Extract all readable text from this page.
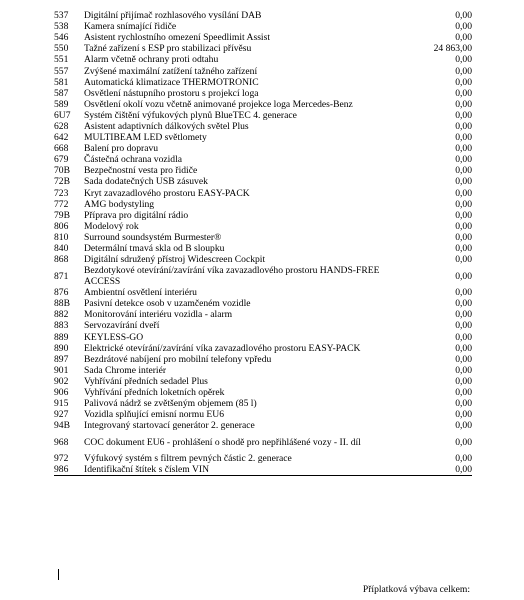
537	Digitální přijímač rozhlasového vysílání DAB	0,00
538	Kamera snímající řidiče	0,00
546	Asistent rychlostního omezení Speedlimit Assist	0,00
550	Tažné zařízení s ESP pro stabilizaci přívěsu	24 863,00
551	Alarm včetně ochrany proti odtahu	0,00
557	Zvýšené maximální zatížení tažného zařízení	0,00
581	Automatická klimatizace THERMOTRONIC	0,00
587	Osvětlení nástupního prostoru s projekcí loga	0,00
589	Osvětlení okolí vozu včetně animované projekce loga Mercedes-Benz	0,00
6U7	Systém čištění výfukových plynů BlueTEC 4. generace	0,00
628	Asistent adaptivních dálkových světel Plus	0,00
642	MULTIBEAM LED světlomety	0,00
668	Balení pro dopravu	0,00
679	Částečná ochrana vozidla	0,00
70B	Bezpečnostní vesta pro řidiče	0,00
72B	Sada dodatečných USB zásuvek	0,00
723	Kryt zavazadlového prostoru EASY-PACK	0,00
772	AMG bodystyling	0,00
79B	Příprava pro digitální rádio	0,00
806	Modelový rok	0,00
810	Surround soundsystém Burmester®	0,00
840	Determální tmavá skla od B sloupku	0,00
868	Digitální sdružený přístroj Widescreen Cockpit	0,00
871	Bezdotykové otevírání/zavírání víka zavazadlového prostoru HANDS-FREE ACCESS	0,00
876	Ambientní osvětlení interiéru	0,00
88B	Pasivní detekce osob v uzamčeném vozidle	0,00
882	Monitorování interiéru vozidla - alarm	0,00
883	Servozavírání dveří	0,00
889	KEYLESS-GO	0,00
890	Elektrické otevírání/zavírání víka zavazadlového prostoru EASY-PACK	0,00
897	Bezdrátové nabíjení pro mobilní telefony vpředu	0,00
901	Sada Chrome interiér	0,00
902	Vyhřívání předních sedadel Plus	0,00
906	Vyhřívání předních loketních opěrek	0,00
915	Palivová nádrž se zvětšeným objemem (85 l)	0,00
927	Vozidla splňující emisní normu EU6	0,00
94B	Integrovaný startovací generátor 2. generace	0,00
968	COC dokument EU6 - prohlášení o shodě pro nepřihlášené vozy - II. díl	0,00
972	Výfukový systém s filtrem pevných částic 2. generace	0,00
986	Identifikační štítek s číslem VIN	0,00
Příplatková výbava celkem:
